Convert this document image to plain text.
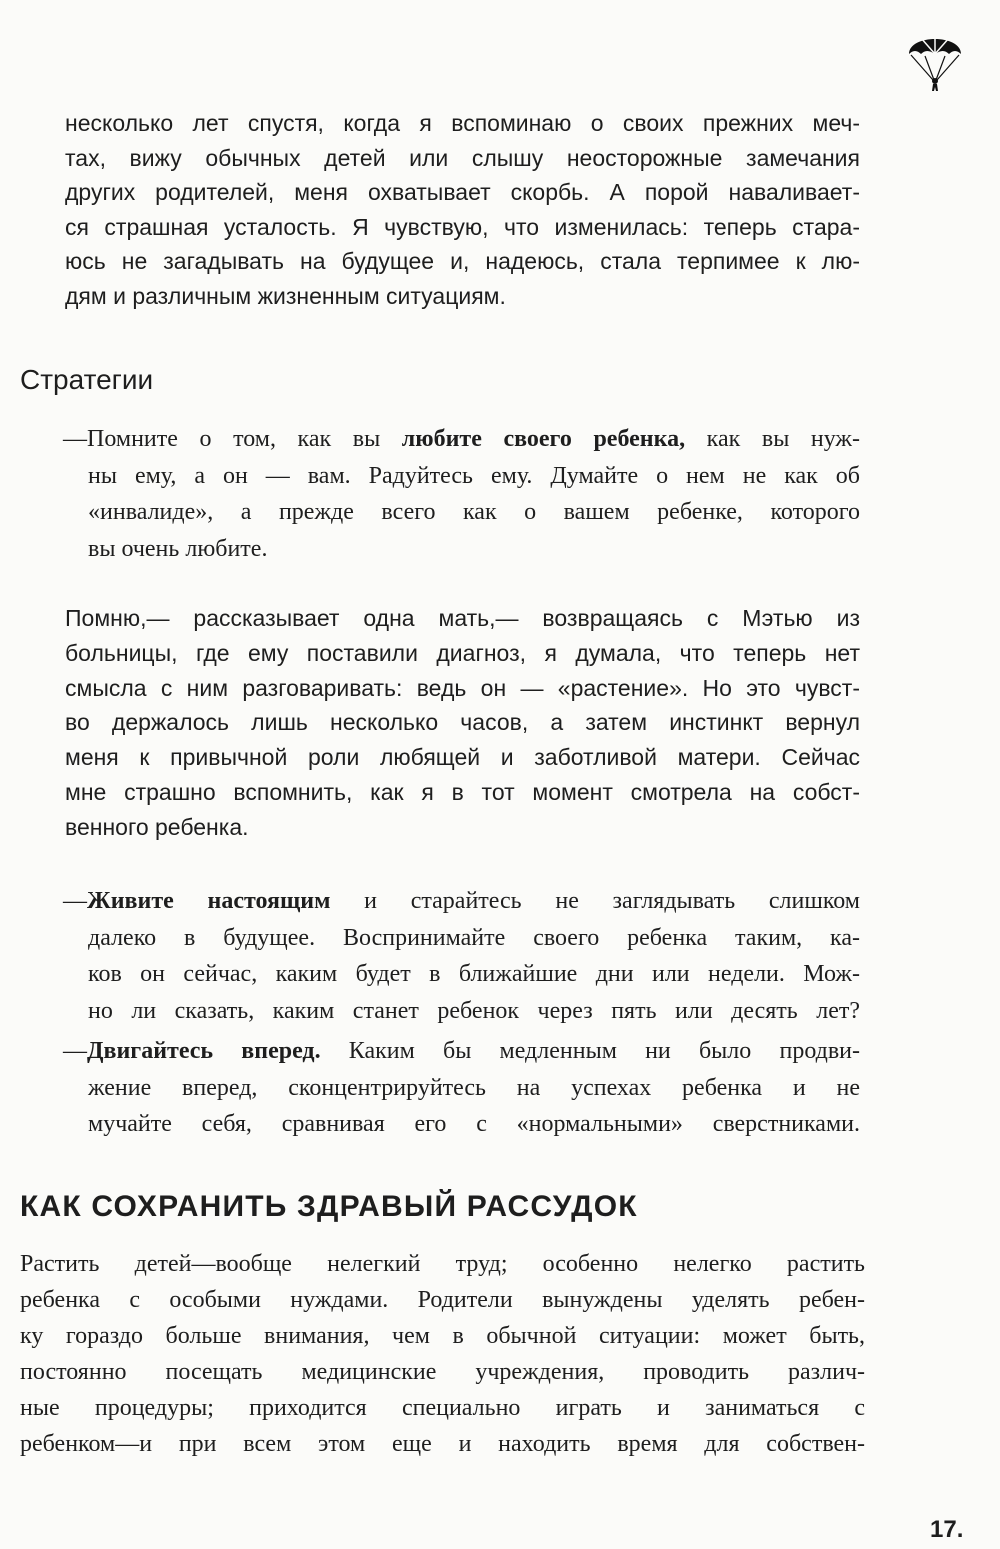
несколько лет спустя, когда я вспоминаю о своих прежних меч-
тах, вижу обычных детей или слышу неосторожные замечания
других родителей, меня охватывает скорбь. А порой наваливает-
ся страшная усталость. Я чувствую, что изменилась: теперь стара-
юсь не загадывать на будущее и, надеюсь, стала терпимее к лю-
дям и различным жизненным ситуациям.
Стратегии
—Помните о том, как вы любите своего ребенка, как вы нуж-
ны ему, а он — вам. Радуйтесь ему. Думайте о нем не как об
«инвалиде», а прежде всего как о вашем ребенке, которого
вы очень любите.
Помню,— рассказывает одна мать,— возвращаясь с Мэтью из
больницы, где ему поставили диагноз, я думала, что теперь нет
смысла с ним разговаривать: ведь он — «растение». Но это чувст-
во держалось лишь несколько часов, а затем инстинкт вернул
меня к привычной роли любящей и заботливой матери. Сейчас
мне страшно вспомнить, как я в тот момент смотрела на собст-
венного ребенка.
—Живите настоящим и старайтесь не заглядывать слишком
далеко в будущее. Воспринимайте своего ребенка таким, ка-
ков он сейчас, каким будет в ближайшие дни или недели. Мож-
но ли сказать, каким станет ребенок через пять или десять лет?
—Двигайтесь вперед. Каким бы медленным ни было продви-
жение вперед, сконцентрируйтесь на успехах ребенка и не
мучайте себя, сравнивая его с «нормальными» сверстниками.
КАК СОХРАНИТЬ ЗДРАВЫЙ РАССУДОК
Растить детей—вообще нелегкий труд; особенно нелегко растить
ребенка с особыми нуждами. Родители вынуждены уделять ребен-
ку гораздо больше внимания, чем в обычной ситуации: может быть,
постоянно посещать медицинские учреждения, проводить различ-
ные процедуры; приходится специально играть и заниматься с
ребенком—и при всем этом еще и находить время для собствен-
17.
